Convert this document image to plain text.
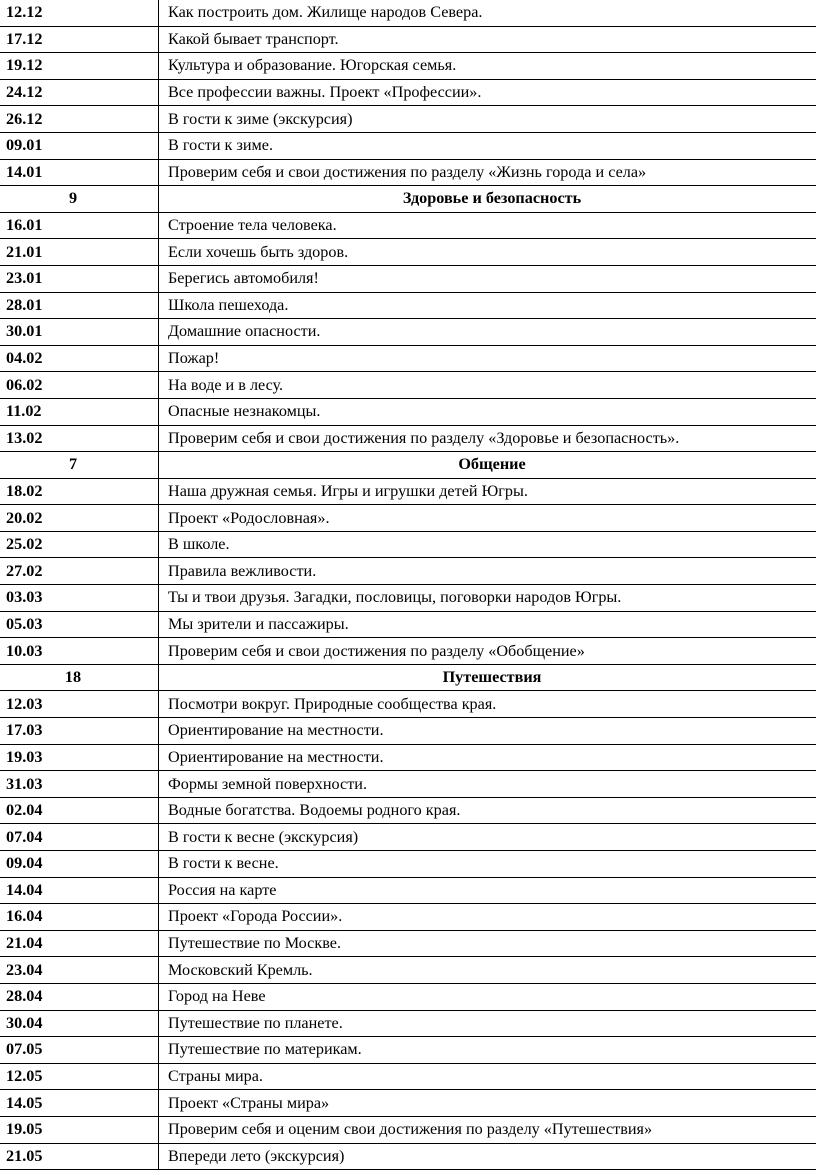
12.12	Как построить дом. Жилище народов Севера.
17.12	Какой бывает транспорт.
19.12	Культура и образование. Югорская семья.
24.12	Все профессии важны. Проект «Профессии».
26.12	В гости к зиме (экскурсия)
09.01	В гости к зиме.
14.01	Проверим себя и свои достижения по разделу «Жизнь города и села»
9	Здоровье и безопасность
16.01	Строение тела человека.
21.01	Если хочешь быть здоров.
23.01	Берегись автомобиля!
28.01	Школа пешехода.
30.01	Домашние опасности.
04.02	Пожар!
06.02	На воде и в лесу.
11.02	Опасные незнакомцы.
13.02	Проверим себя и свои достижения по разделу «Здоровье и безопасность».
7	Общение
18.02	Наша дружная семья. Игры и игрушки детей Югры.
20.02	Проект «Родословная».
25.02	В школе.
27.02	Правила вежливости.
03.03	Ты и твои друзья. Загадки, пословицы, поговорки народов Югры.
05.03	Мы зрители и пассажиры.
10.03	Проверим себя и свои достижения по разделу «Обобщение»
18	Путешествия
12.03	Посмотри вокруг. Природные сообщества края.
17.03	Ориентирование на местности.
19.03	Ориентирование на местности.
31.03	Формы земной поверхности.
02.04	Водные богатства. Водоемы родного края.
07.04	В гости к весне (экскурсия)
09.04	В гости к весне.
14.04	Россия на карте
16.04	Проект «Города России».
21.04	Путешествие по Москве.
23.04	Московский Кремль.
28.04	Город на Неве
30.04	Путешествие по планете.
07.05	Путешествие по материкам.
12.05	Страны мира.
14.05	Проект «Страны мира»
19.05	Проверим себя и оценим свои достижения по разделу «Путешествия»
21.05	Впереди лето (экскурсия)
